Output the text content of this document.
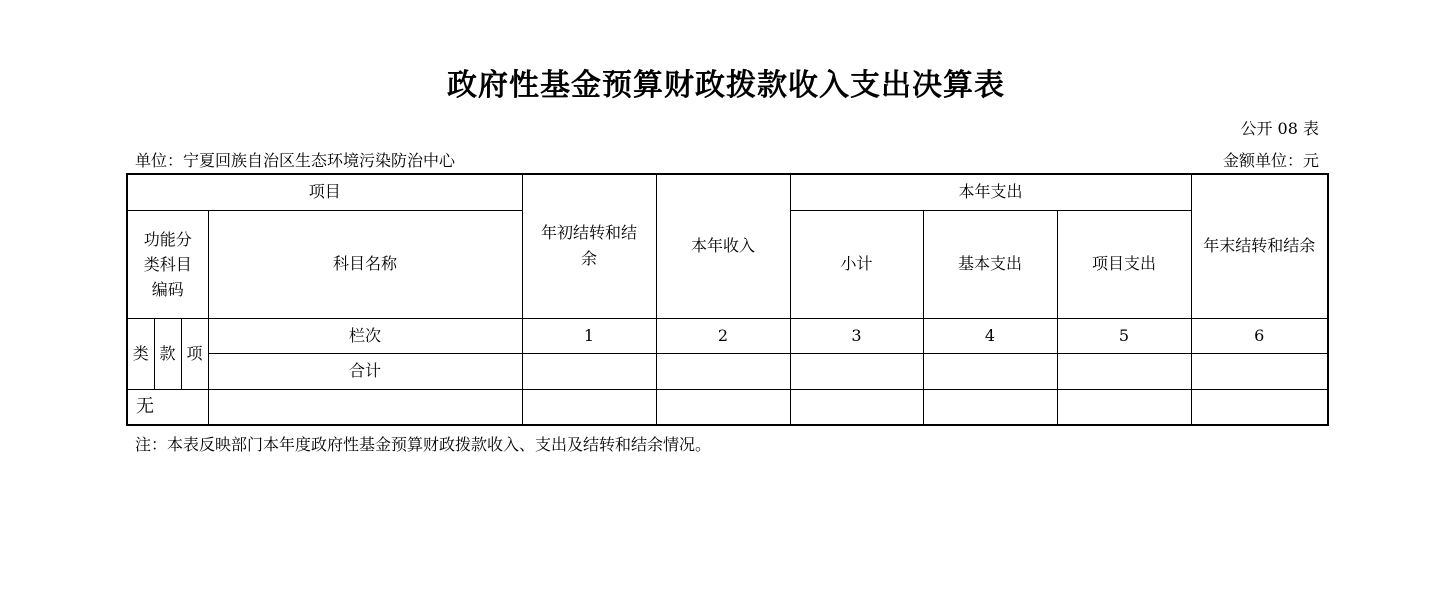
政府性基金预算财政拨款收入支出决算表
公开 08 表
单位：宁夏回族自治区生态环境污染防治中心	金额单位：元
项目				年初结转和结余	本年收入	本年支出			年末结转和结余
功能分类科目编码			科目名称			小计	基本支出	项目支出	
类	款	项	栏次	1	2	3	4	5	6
			合计						
无									
注：本表反映部门本年度政府性基金预算财政拨款收入、支出及结转和结余情况。
